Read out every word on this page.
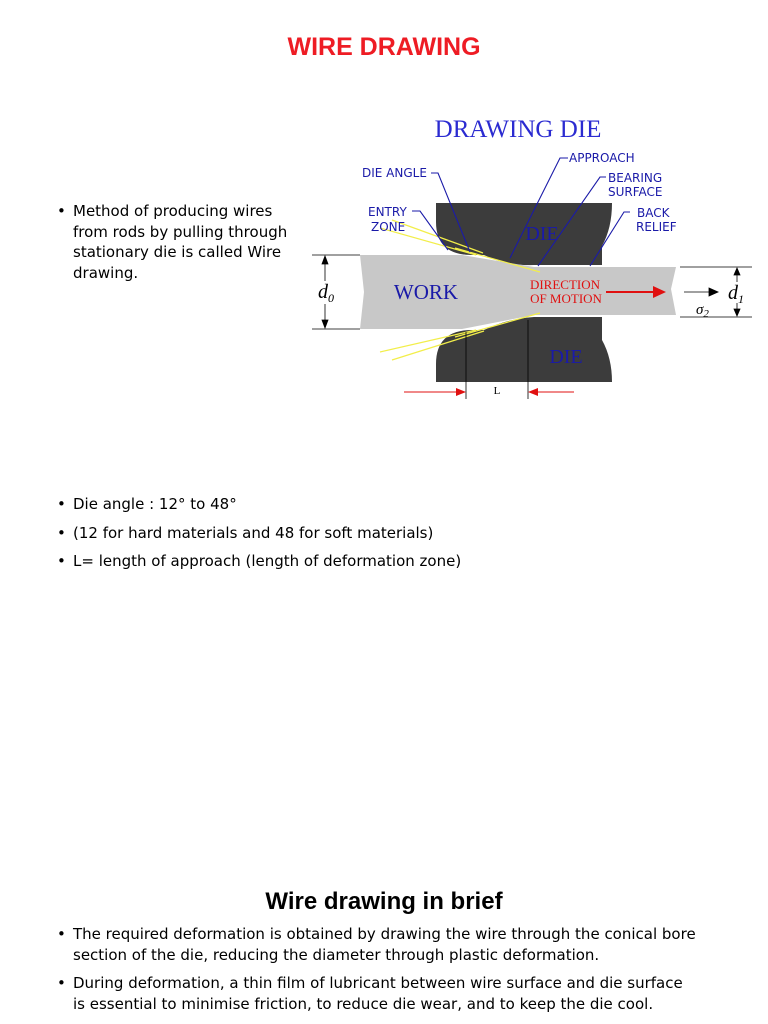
WIRE DRAWING
• Method of producing wires from rods by pulling through stationary die is called Wire drawing.
DRAWING DIE
DIE ANGLE
APPROACH
BEARING
SURFACE
ENTRY
ZONE
BACK
RELIEF
DIE
DIE
WORK	DIRECTION
OF MOTION
$d_0$	$d_1$
$\sigma_2$
L
• Die angle : 12° to 48°
• (12 for hard materials and 48 for soft materials)
• L= length of approach (length of deformation zone)
Wire drawing in brief
• The required deformation is obtained by drawing the wire through the conical bore section of the die, reducing the diameter through plastic deformation.
• During deformation, a thin film of lubricant between wire surface and die surface is essential to minimise friction, to reduce die wear, and to keep the die cool.
